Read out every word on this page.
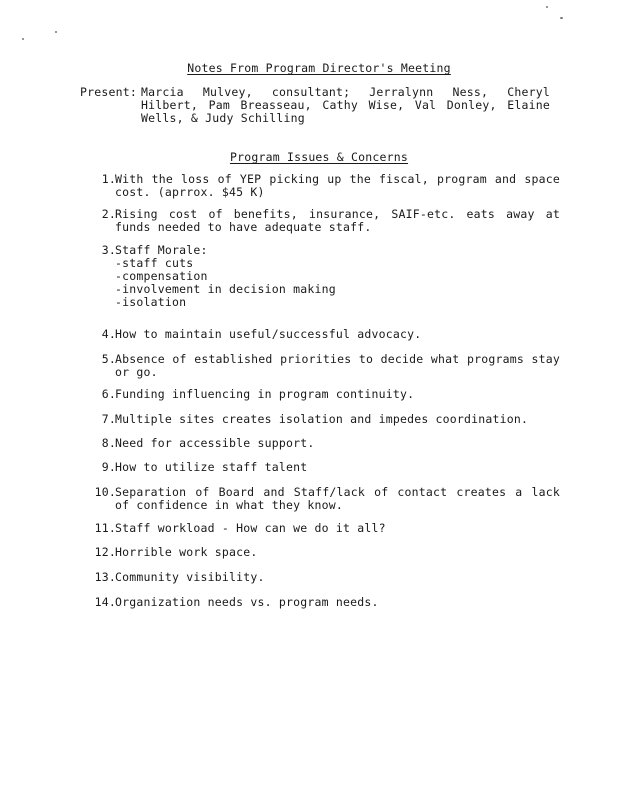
Notes From Program Director's Meeting
Present: Marcia Mulvey, consultant; Jerralynn Ness, Cheryl Hilbert, Pam Breasseau, Cathy Wise, Val Donley, Elaine Wells, & Judy Schilling
Program Issues & Concerns
1. With the loss of YEP picking up the fiscal, program and space cost. (aprrox. $45 K)
2. Rising cost of benefits, insurance, SAIF-etc. eats away at funds needed to have adequate staff.
3. Staff Morale:
-staff cuts
-compensation
-involvement in decision making
-isolation
4. How to maintain useful/successful advocacy.
5. Absence of established priorities to decide what programs stay or go.
6. Funding influencing in program continuity.
7. Multiple sites creates isolation and impedes coordination.
8. Need for accessible support.
9. How to utilize staff talent
10. Separation of Board and Staff/lack of contact creates a lack of confidence in what they know.
11. Staff workload - How can we do it all?
12. Horrible work space.
13. Community visibility.
14. Organization needs vs. program needs.
